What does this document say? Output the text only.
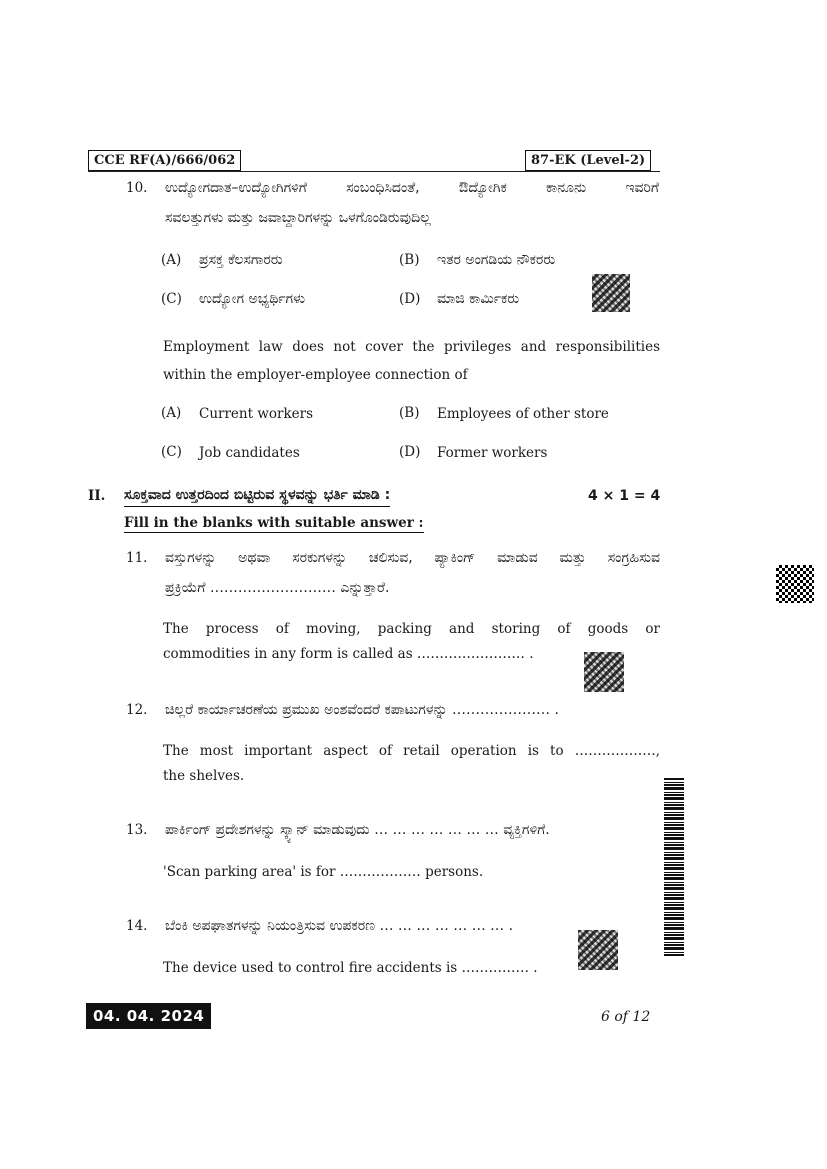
CCE RF(A)/666/062	87-EK (Level-2)
10. ಉದ್ಯೋಗದಾತ–ಉದ್ಯೋಗಿಗಳಿಗೆ ಸಂಬಂಧಿಸಿದಂತೆ, ಔದ್ಯೋಗಿಕ ಕಾನೂನು ಇವರಿಗೆ
ಸವಲತ್ತುಗಳು ಮತ್ತು ಜವಾಬ್ದಾರಿಗಳನ್ನು ಒಳಗೊಂಡಿರುವುದಿಲ್ಲ
(A) ಪ್ರಸಕ್ತ ಕೆಲಸಗಾರರು	(B) ಇತರ ಅಂಗಡಿಯ ನೌಕರರು
(C) ಉದ್ಯೋಗ ಅಭ್ಯರ್ಥಿಗಳು	(D) ಮಾಜಿ ಕಾರ್ಮಿಕರು
Employment law does not cover the privileges and responsibilities
within the employer-employee connection of
(A) Current workers	(B) Employees of other store
(C) Job candidates	(D) Former workers
II. ಸೂಕ್ತವಾದ ಉತ್ತರದಿಂದ ಬಿಟ್ಟಿರುವ ಸ್ಥಳವನ್ನು ಭರ್ತಿ ಮಾಡಿ :	4 × 1 = 4
Fill in the blanks with suitable answer :
11. ವಸ್ತುಗಳನ್ನು ಅಥವಾ ಸರಕುಗಳನ್ನು ಚಲಿಸುವ, ಪ್ಯಾಕಿಂಗ್ ಮಾಡುವ ಮತ್ತು ಸಂಗ್ರಹಿಸುವ
ಪ್ರಕ್ರಿಯೆಗೆ ……………………… ಎನ್ನುತ್ತಾರೆ.
The process of moving, packing and storing of goods or
commodities in any form is called as …………………… .
12. ಚಿಲ್ಲರೆ ಕಾರ್ಯಾಚರಣೆಯ ಪ್ರಮುಖ ಅಂಶವೆಂದರೆ ಕಪಾಟುಗಳನ್ನು ………………… .
The most important aspect of retail operation is to ………………,
the shelves.
13. ಪಾರ್ಕಿಂಗ್ ಪ್ರದೇಶಗಳನ್ನು ಸ್ಕ್ಯಾನ್ ಮಾಡುವುದು … … … … … … … ವ್ಯಕ್ತಿಗಳಿಗೆ.
'Scan parking area' is for ……………… persons.
14. ಬೆಂಕಿ ಅಪಘಾತಗಳನ್ನು ನಿಯಂತ್ರಿಸುವ ಉಪಕರಣ … … … … … … … .
The device used to control fire accidents is …………… .
04. 04. 2024	6 of 12
